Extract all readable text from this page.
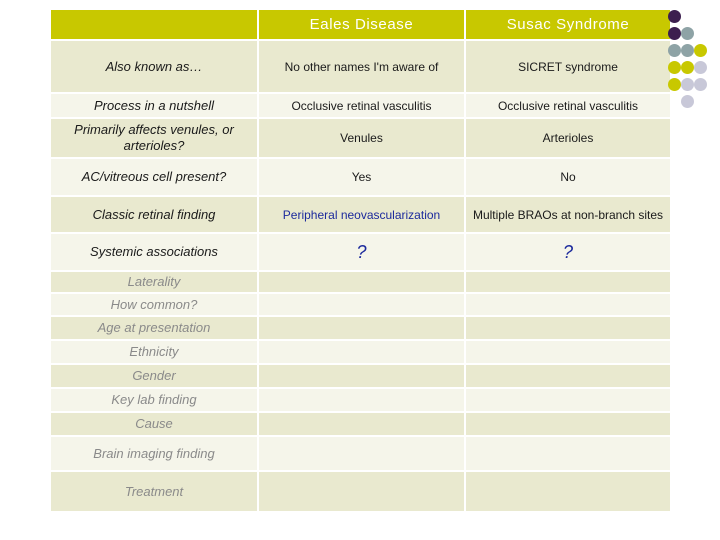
	Eales Disease	Susac Syndrome
Also known as…	No other names I'm aware of	SICRET syndrome
Process in a nutshell	Occlusive retinal vasculitis	Occlusive retinal vasculitis
Primarily affects venules, or arterioles?	Venules	Arterioles
AC/vitreous cell present?	Yes	No
Classic retinal finding	Peripheral neovascularization	Multiple BRAOs at non-branch sites
Systemic associations	?	?
Laterality		
How common?		
Age at presentation		
Ethnicity		
Gender		
Key lab finding		
Cause		
Brain imaging finding		
Treatment		
